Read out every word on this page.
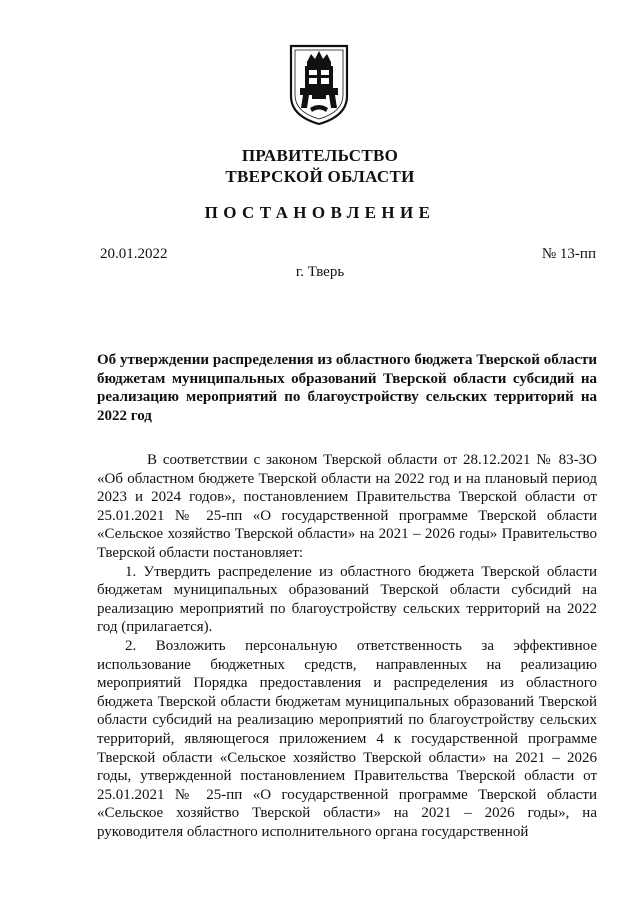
ПРАВИТЕЛЬСТВО
ТВЕРСКОЙ ОБЛАСТИ
ПОСТАНОВЛЕНИЕ
20.01.2022	№ 13-пп
г. Тверь
Об утверждении распределения из областного бюджета Тверской области бюджетам муниципальных образований Тверской области субсидий на реализацию мероприятий по благоустройству сельских территорий на 2022 год

В соответствии с законом Тверской области от 28.12.2021 № 83-ЗО «Об областном бюджете Тверской области на 2022 год и на плановый период 2023 и 2024 годов», постановлением Правительства Тверской области от 25.01.2021 № 25-пп «О государственной программе Тверской области «Сельское хозяйство Тверской области» на 2021 – 2026 годы» Правительство Тверской области постановляет:

1. Утвердить распределение из областного бюджета Тверской области бюджетам муниципальных образований Тверской области субсидий на реализацию мероприятий по благоустройству сельских территорий на 2022 год (прилагается).

2. Возложить персональную ответственность за эффективное использование бюджетных средств, направленных на реализацию мероприятий Порядка предоставления и распределения из областного бюджета Тверской области бюджетам муниципальных образований Тверской области субсидий на реализацию мероприятий по благоустройству сельских территорий, являющегося приложением 4 к государственной программе Тверской области «Сельское хозяйство Тверской области» на 2021 – 2026 годы, утвержденной постановлением Правительства Тверской области от 25.01.2021 № 25-пп «О государственной программе Тверской области «Сельское хозяйство Тверской области» на 2021 – 2026 годы», на руководителя областного исполнительного органа государственной
